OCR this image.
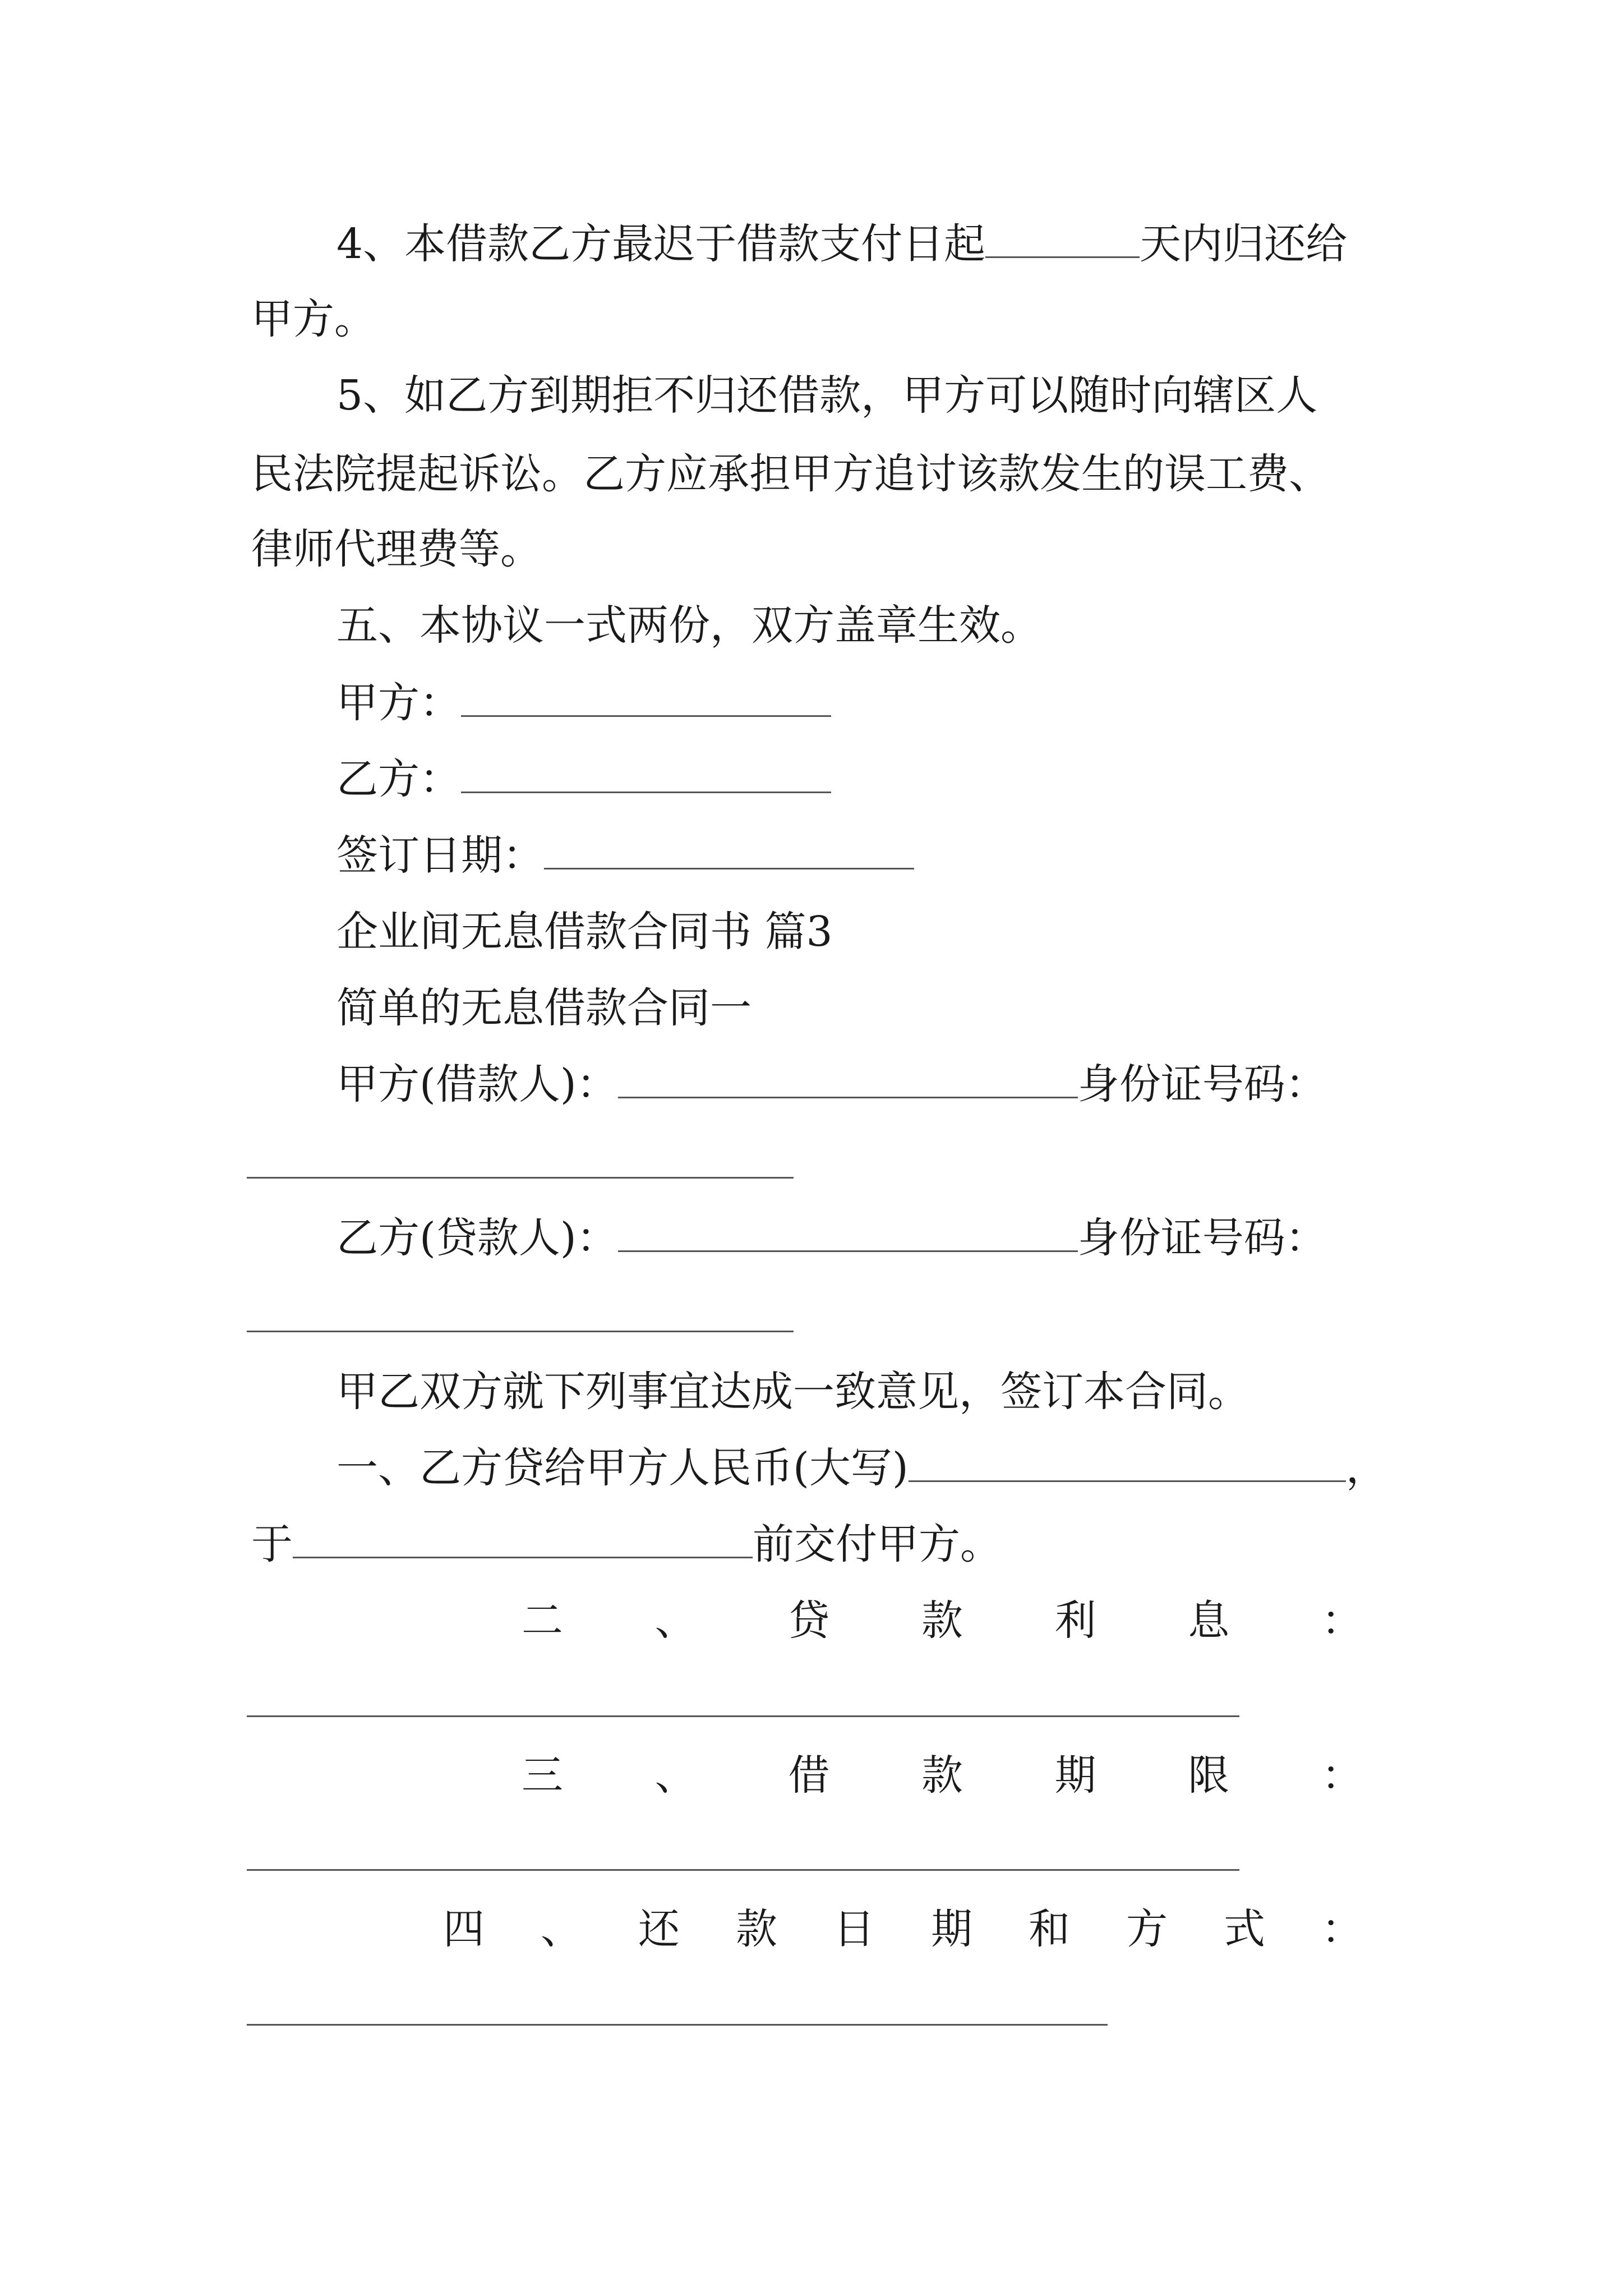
4、本借款乙方最迟于借款支付日起	天内归还给
甲方。
5、如乙方到期拒不归还借款，甲方可以随时向辖区人
民法院提起诉讼。乙方应承担甲方追讨该款发生的误工费、
律师代理费等。
五、本协议一式两份，双方盖章生效。
甲方：
乙方：
签订日期：
企业间无息借款合同书 篇3
简单的无息借款合同一
甲方(借款人)：	身份证号码：
乙方(贷款人)：	身份证号码：
甲乙双方就下列事宜达成一致意见，签订本合同。
一、乙方贷给甲方人民币(大写)	，
于	前交付甲方。
二 、 贷 款 利 息 ：
三 、 借 款 期 限 ：
四 、 还 款 日 期 和 方 式 ：
